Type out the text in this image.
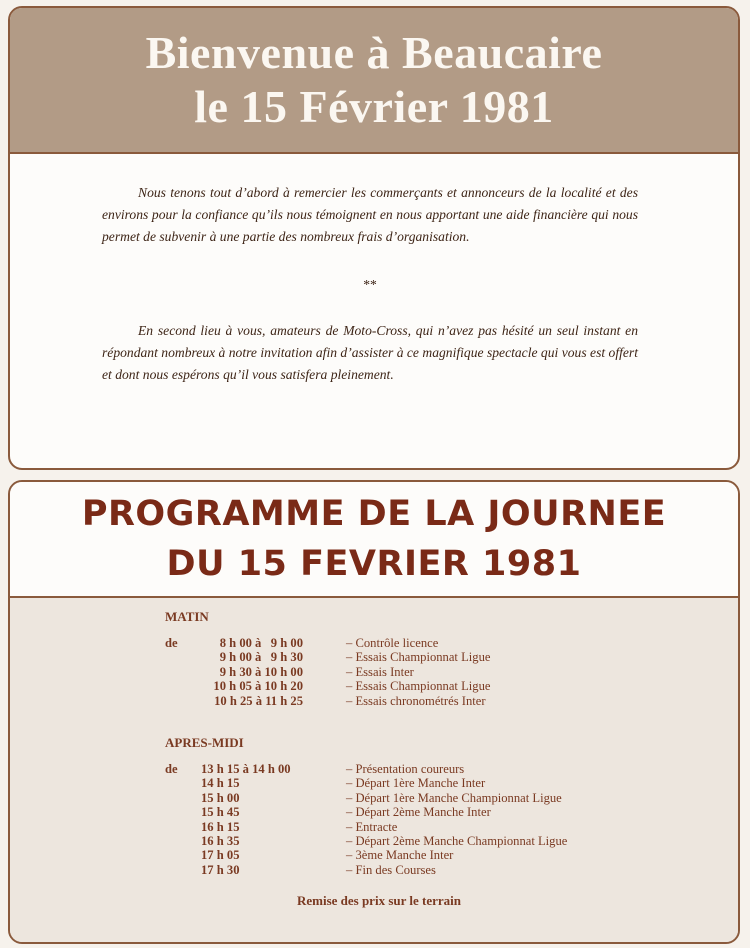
Bienvenue à Beaucaire
le 15 Février 1981

Nous tenons tout d’abord à remercier les commerçants et annonceurs de la localité et des environs pour la confiance qu’ils nous témoignent en nous apportant une aide financière qui nous permet de subvenir à une partie des nombreux frais d’organisation.

**

En second lieu à vous, amateurs de Moto-Cross, qui n’avez pas hésité un seul instant en répondant nombreux à notre invitation afin d’assister à ce magnifique spectacle qui vous est offert et dont nous espérons qu’il vous satisfera pleinement.

PROGRAMME DE LA JOURNEE
DU 15 FEVRIER 1981
MATIN
de	8 h 00 à   9 h 00	– Contrôle licence
9 h 00 à   9 h 30	– Essais Championnat Ligue
9 h 30 à 10 h 00	– Essais Inter
10 h 05 à 10 h 20	– Essais Championnat Ligue
10 h 25 à 11 h 25	– Essais chronométrés Inter
APRES-MIDI
de	13 h 15 à 14 h 00	– Présentation coureurs
14 h 15	– Départ 1ère Manche Inter
15 h 00	– Départ 1ère Manche Championnat Ligue
15 h 45	– Départ 2ème Manche Inter
16 h 15	– Entracte
16 h 35	– Départ 2ème Manche Championnat Ligue
17 h 05	– 3ème Manche Inter
17 h 30	– Fin des Courses
Remise des prix sur le terrain
